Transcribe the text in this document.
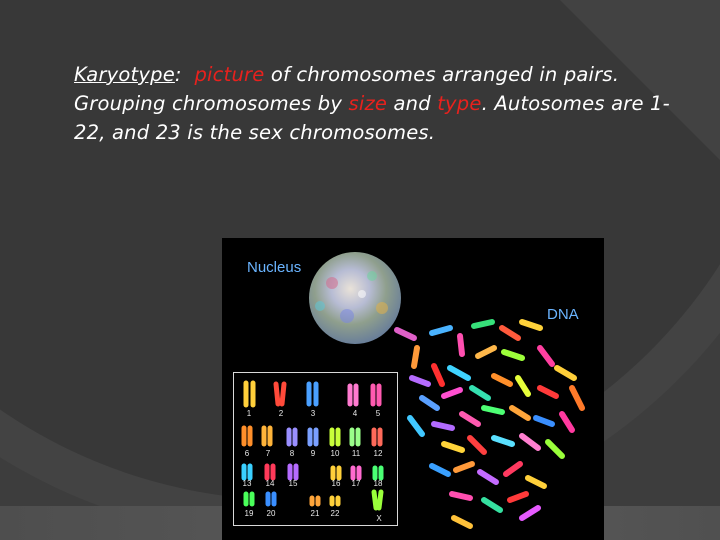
Karyotype: picture of chromosomes arranged in pairs. Grouping chromosomes by size and type. Autosomes are 1-22, and 23 is the sex chromosomes.
Nucleus
DNA
1	2	3	4	5
6	7	8	9	10	11	12
13	14	15	16	17	18
19	20	21	22
X
